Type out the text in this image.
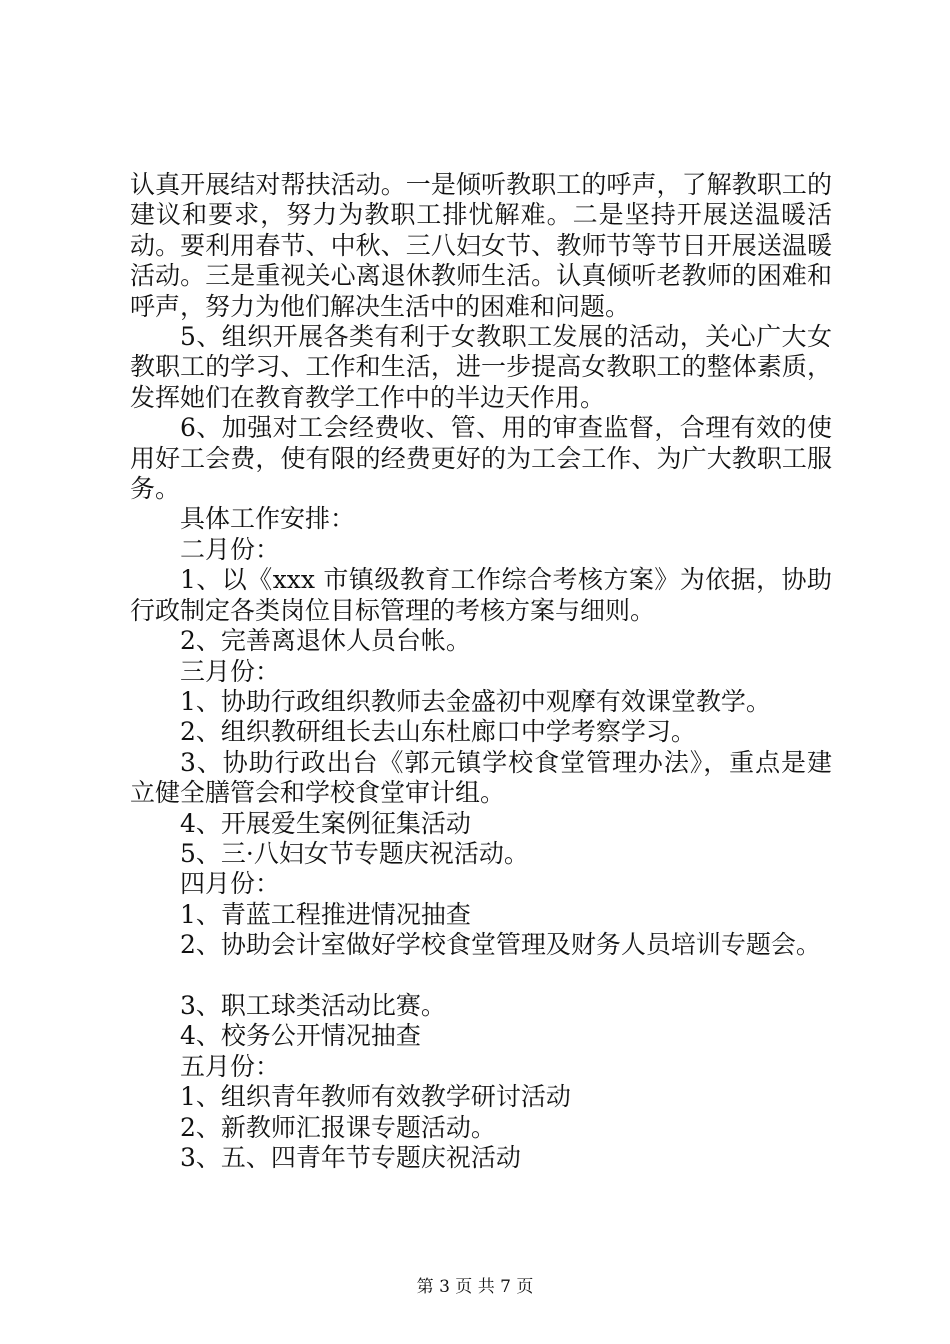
认真开展结对帮扶活动。一是倾听教职工的呼声，了解教职工的建议和要求，努力为教职工排忧解难。二是坚持开展送温暖活动。要利用春节、中秋、三八妇女节、教师节等节日开展送温暖活动。三是重视关心离退休教师生活。认真倾听老教师的困难和呼声，努力为他们解决生活中的困难和问题。

5、组织开展各类有利于女教职工发展的活动，关心广大女教职工的学习、工作和生活，进一步提高女教职工的整体素质，发挥她们在教育教学工作中的半边天作用。

6、加强对工会经费收、管、用的审查监督，合理有效的使用好工会费，使有限的经费更好的为工会工作、为广大教职工服务。

具体工作安排：

二月份：

1、以《xxx 市镇级教育工作综合考核方案》为依据，协助行政制定各类岗位目标管理的考核方案与细则。

2、完善离退休人员台帐。

三月份：

1、协助行政组织教师去金盛初中观摩有效课堂教学。

2、组织教研组长去山东杜廊口中学考察学习。

3、协助行政出台《郭元镇学校食堂管理办法》，重点是建立健全膳管会和学校食堂审计组。

4、开展爱生案例征集活动

5、三·八妇女节专题庆祝活动。

四月份：

1、青蓝工程推进情况抽查

2、协助会计室做好学校食堂管理及财务人员培训专题会。

3、职工球类活动比赛。

4、校务公开情况抽查

五月份：

1、组织青年教师有效教学研讨活动

2、新教师汇报课专题活动。

3、五、四青年节专题庆祝活动

第 3 页 共 7 页
